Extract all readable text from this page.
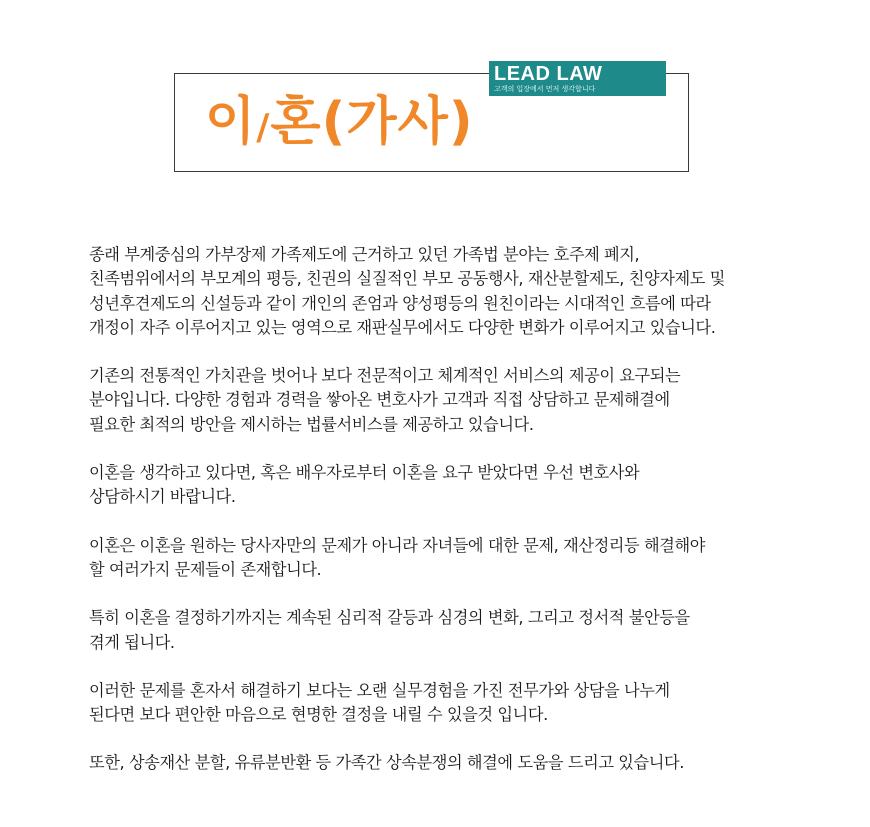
이/혼(가사)
LEAD LAW
고객의 입장에서 먼저 생각합니다

종래 부계중심의 가부장제 가족제도에 근거하고 있던 가족법 분야는 호주제 폐지,
친족범위에서의 부모계의 평등, 친권의 실질적인 부모 공동행사, 재산분할제도, 친양자제도 및
성년후견제도의 신설등과 같이 개인의 존엄과 양성평등의 원친이라는 시대적인 흐름에 따라
개정이 자주 이루어지고 있는 영역으로 재판실무에서도 다양한 변화가 이루어지고 있습니다.

기존의 전통적인 가치관을 벗어나 보다 전문적이고 체계적인 서비스의 제공이 요구되는
분야입니다. 다양한 경험과 경력을 쌓아온 변호사가 고객과 직접 상담하고 문제해결에
필요한 최적의 방안을 제시하는 법률서비스를 제공하고 있습니다.

이혼을 생각하고 있다면, 혹은 배우자로부터 이혼을 요구 받았다면 우선 변호사와
상담하시기 바랍니다.

이혼은 이혼을 원하는 당사자만의 문제가 아니라 자녀들에 대한 문제, 재산정리등 해결해야
할 여러가지 문제들이 존재합니다.

특히 이혼을 결정하기까지는 계속된 심리적 갈등과 심경의 변화, 그리고 정서적 불안등을
겪게 됩니다.

이러한 문제를 혼자서 해결하기 보다는 오랜 실무경험을 가진 전무가와 상담을 나누게
된다면 보다 편안한 마음으로 현명한 결정을 내릴 수 있을것 입니다.

또한, 상송재산 분할, 유류분반환 등 가족간 상속분쟁의 해결에 도움을 드리고 있습니다.
